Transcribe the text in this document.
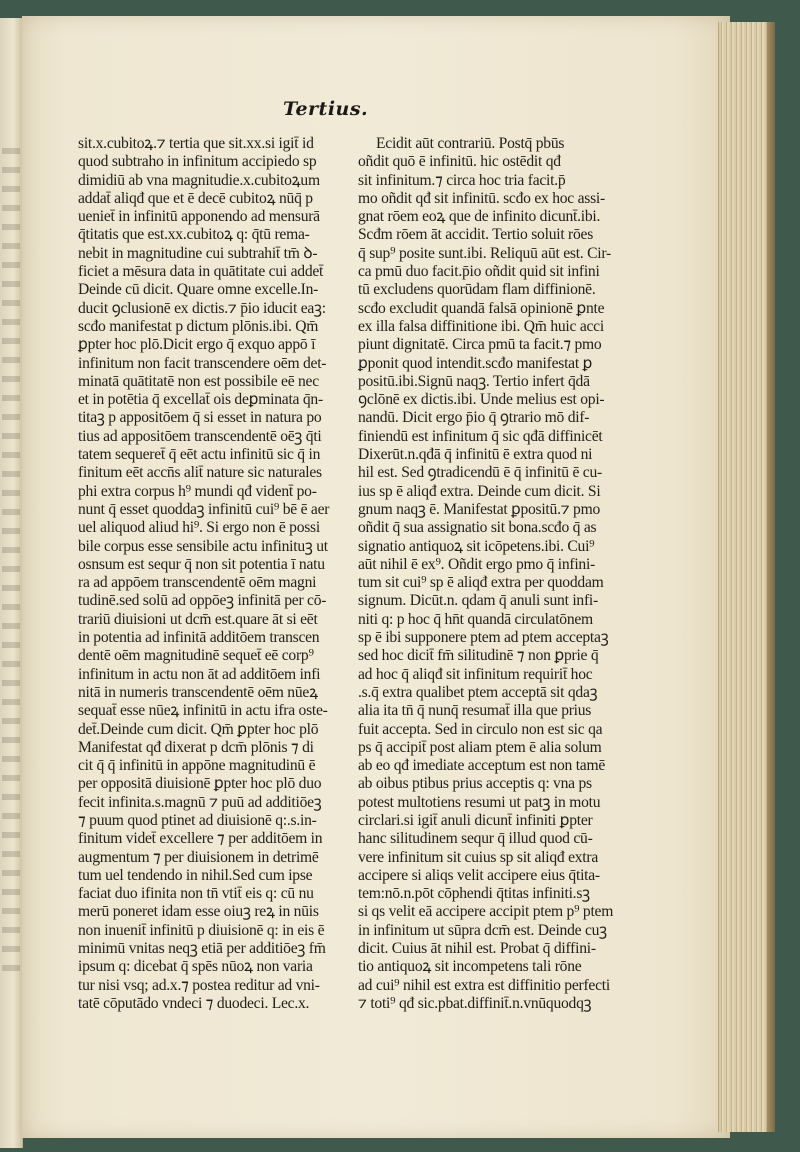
Tertius.
sit.x.cubitoꝝ.⁊ tertia que sit.xx.si igit̄ id
quod subtraho in infinitum accipiedo sp
dimidiū ab vna magnitudie.x.cubitoꝝum
addat̄ aliqđ que et ē decē cubitoꝝ nūq̄ p
ueniet̄ in infinitū apponendo ad mensurā
q̄titatis que est.xx.cubitoꝝ q: q̄tū rema-
nebit in magnitudine cui subtrahit̄ tm̄ ꝺ-
ficiet a mēsura data in quātitate cui addet̄
Deinde cū dicit. Quare omne excelle.In-
ducit ꝯclusionē ex dictis.⁊ p̄io iducit eaꝫ:
scđo manifestat p dictum plōnis.ibi. Qm̄
ꝑpter hoc plō.Dicit ergo q̄ exquo appō ī
infinitum non facit transcendere oēm det-
minatā quātitatē non est possibile eē nec
et in potētia q̄ excellat̄ ois deꝑminata q̄n-
titaꝫ p appositōem q̄ si esset in natura po
tius ad appositōem transcendentē oēꝫ q̄ti
tatem sequeret̄ q̄ eēt actu infinitū sic q̄ in
finitum eēt accn̄s alit̄ nature sic naturales
phi extra corpus h⁹ mundi qđ vident̄ po-
nunt q̄ esset quoddaꝫ infinitū cui⁹ bē ē aer
uel aliquod aliud hi⁹. Si ergo non ē possi
bile corpus esse sensibile actu infinituꝫ ut
osnsum est sequr q̄ non sit potentia ī natu
ra ad appōem transcendentē oēm magni
tudinē.sed solū ad oppōeꝫ infinitā per cō-
trariū diuisioni ut dcm̄ est.quare āt si eēt
in potentia ad infinitā additōem transcen
dentē oēm magnitudinē sequet̄ eē corp⁹
infinitum in actu non āt ad additōem infi
nitā in numeris transcendentē oēm nūeꝝ
sequat̄ esse nūeꝝ infinitū in actu ifra oste-
det̄.Deinde cum dicit. Qm̄ ꝑpter hoc plō
Manifestat qđ dixerat p dcm̄ plōnis ⁊ di
cit q̄ q̄ infinitū in appōne magnitudinū ē
per oppositā diuisionē ꝑpter hoc plō duo
fecit infinita.s.magnū ⁊ puū ad additiōeꝫ
⁊ puum quod ptinet ad diuisionē q:.s.in-
finitum videt̄ excellere ⁊ per additōem in
augmentum ⁊ per diuisionem in detrimē
tum uel tendendo in nihil.Sed cum ipse
faciat duo ifinita non tn̄ vtit̄ eis q: cū nu
merū poneret idam esse oiuꝫ reꝝ in nūis
non inuenit̄ infinitū p diuisionē q: in eis ē
minimū vnitas neqꝫ etiā per additiōeꝫ fm̄
ipsum q: dicebat q̄ spēs nūoꝝ non varia
tur nisi vsq; ad.x.⁊ postea reditur ad vni-
tatē cōputādo vndeci ⁊ duodeci. Lec.x.
Ecidit aūt contrariū. Postq̄ pbūs
oñdit quō ē infinitū. hic ostēdit qđ
sit infinitum.⁊ circa hoc tria facit.p̄
mo oñdit qđ sit infinitū. scđo ex hoc assi-
gnat rōem eoꝝ que de infinito dicunt̄.ibi.
Scđm rōem āt accidit. Tertio soluit rōes
q̄ sup⁹ posite sunt.ibi. Reliquū aūt est. Cir-
ca pmū duo facit.p̄io oñdit quid sit infini
tū excludens quorūdam flam diffinionē.
scđo excludit quandā falsā opinionē ꝑnte
ex illa falsa diffinitione ibi. Qm̄ huic acci
piunt dignitatē. Circa pmū ta facit.⁊ pmo
ꝑponit quod intendit.scđo manifestat ꝑ
positū.ibi.Signū naqꝫ. Tertio infert q̄dā
ꝯclōnē ex dictis.ibi. Unde melius est opi-
nandū. Dicit ergo p̄io q̄ ꝯtrario mō dif-
finiendū est infinitum q̄ sic qđā diffinicēt
Dixerūt.n.qđā q̄ infinitū ē extra quod ni
hil est. Sed ꝯtradicendū ē q̄ infinitū ē cu-
ius sp ē aliqđ extra. Deinde cum dicit. Si
gnum naqꝫ ē. Manifestat ꝑpositū.⁊ pmo
oñdit q̄ sua assignatio sit bona.scđo q̄ as
signatio antiquoꝝ sit icōpetens.ibi. Cui⁹
aūt nihil ē ex⁹. Oñdit ergo pmo q̄ infini-
tum sit cui⁹ sp ē aliqđ extra per quoddam
signum. Dicūt.n. qdam q̄ anuli sunt infi-
niti q: p hoc q̄ hn̄t quandā circulatōnem
sp ē ibi supponere ptem ad ptem acceptaꝫ
sed hoc dicit̄ fm̄ silitudinē ⁊ non ꝑprie q̄
ad hoc q̄ aliqđ sit infinitum requirit̄ hoc
.s.q̄ extra qualibet ptem acceptā sit qdaꝫ
alia ita tn̄ q̄ nunq̄ resumat̄ illa que prius
fuit accepta. Sed in circulo non est sic qa
ps q̄ accipit̄ post aliam ptem ē alia solum
ab eo qđ imediate acceptum est non tamē
ab oibus ptibus prius acceptis q: vna ps
potest multotiens resumi ut patꝫ in motu
circlari.si igit̄ anuli dicunt̄ infiniti ꝑpter
hanc silitudinem sequr q̄ illud quod cū-
vere infinitum sit cuius sp sit aliqđ extra
accipere si aliqs velit accipere eius q̄tita-
tem:nō.n.pōt cōphendi q̄titas infiniti.sꝫ
si qs velit eā accipere accipit ptem p⁹ ptem
in infinitum ut sūpra dcm̄ est. Deinde cuꝫ
dicit. Cuius āt nihil est. Probat q̄ diffini-
tio antiquoꝝ sit incompetens tali rōne
ad cui⁹ nihil est extra est diffinitio perfecti
⁊ toti⁹ qđ sic.pbat.diffinit̄.n.vnūquodqꝫ
